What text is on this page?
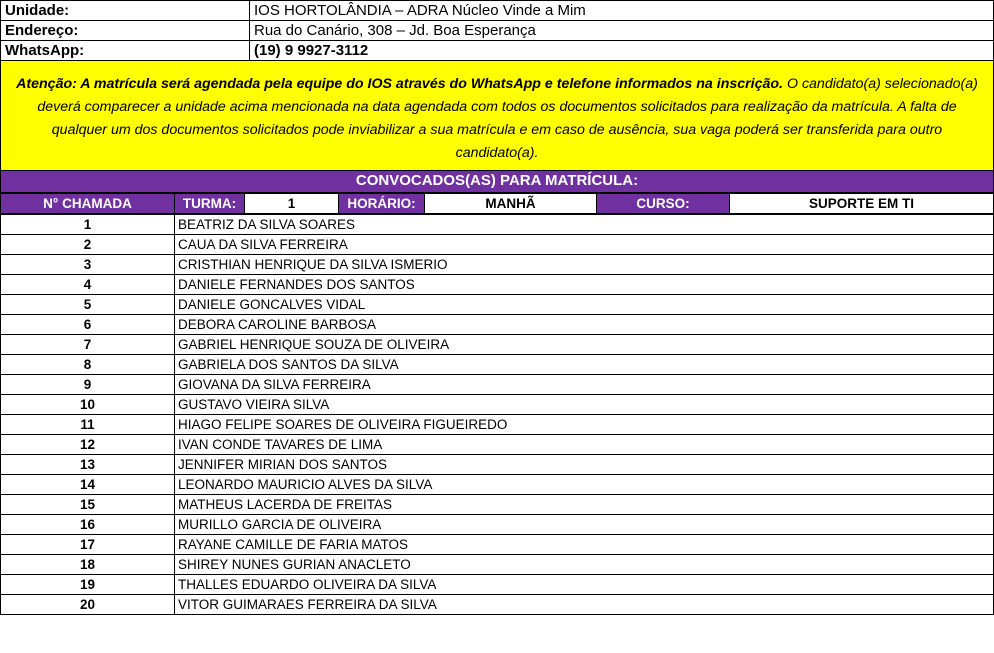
Unidade:	IOS HORTOLÂNDIA – ADRA Núcleo Vinde a Mim
Endereço:	Rua do Canário, 308 – Jd. Boa Esperança
WhatsApp:	(19) 9 9927-3112
Atenção: A matrícula será agendada pela equipe do IOS através do WhatsApp e telefone informados na inscrição. O candidato(a) selecionado(a) deverá comparecer a unidade acima mencionada na data agendada com todos os documentos solicitados para realização da matrícula. A falta de qualquer um dos documentos solicitados pode inviabilizar a sua matrícula e em caso de ausência, sua vaga poderá ser transferida para outro candidato(a).
CONVOCADOS(AS) PARA MATRÍCULA:
N° CHAMADA	TURMA:	1	HORÁRIO:	MANHÃ	CURSO:	SUPORTE EM TI
1	BEATRIZ DA SILVA SOARES
2	CAUA DA SILVA FERREIRA
3	CRISTHIAN HENRIQUE DA SILVA ISMERIO
4	DANIELE FERNANDES DOS SANTOS
5	DANIELE GONCALVES VIDAL
6	DEBORA CAROLINE BARBOSA
7	GABRIEL HENRIQUE SOUZA DE OLIVEIRA
8	GABRIELA DOS SANTOS DA SILVA
9	GIOVANA DA SILVA FERREIRA
10	GUSTAVO VIEIRA SILVA
11	HIAGO FELIPE SOARES DE OLIVEIRA FIGUEIREDO
12	IVAN CONDE TAVARES DE LIMA
13	JENNIFER MIRIAN DOS SANTOS
14	LEONARDO MAURICIO ALVES DA SILVA
15	MATHEUS LACERDA DE FREITAS
16	MURILLO GARCIA DE OLIVEIRA
17	RAYANE CAMILLE DE FARIA MATOS
18	SHIREY NUNES GURIAN ANACLETO
19	THALLES EDUARDO OLIVEIRA DA SILVA
20	VITOR GUIMARAES FERREIRA DA SILVA
